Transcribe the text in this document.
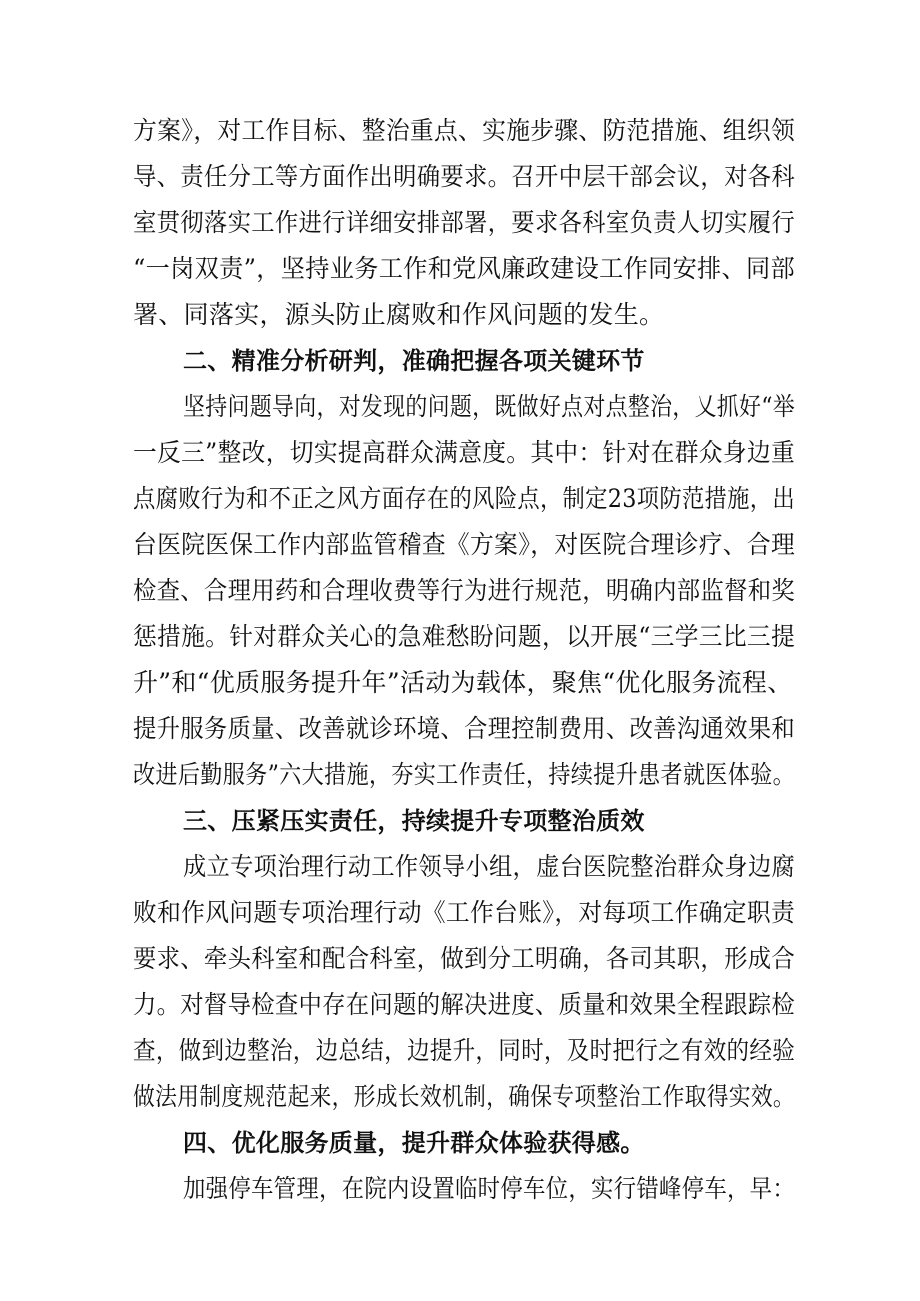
方案》，对工作目标、整治重点、实施步骤、防范措施、组织领
导、责任分工等方面作出明确要求。召开中层干部会议，对各科
室贯彻落实工作进行详细安排部署，要求各科室负责人切实履行
“一岗双责”，坚持业务工作和党风廉政建设工作同安排、同部
署、同落实，源头防止腐败和作风问题的发生。
二、精准分析研判，准确把握各项关键环节
坚持问题导向，对发现的问题，既做好点对点整治，乂抓好“举
一反三”整改，切实提高群众满意度。其中：针对在群众身边重
点腐败行为和不正之风方面存在的风险点，制定23项防范措施，出
台医院医保工作内部监管稽查《方案》，对医院合理诊疗、合理
检查、合理用药和合理收费等行为进行规范，明确内部监督和奖
惩措施。针对群众关心的急难愁盼问题，以开展“三学三比三提
升”和“优质服务提升年”活动为载体，聚焦“优化服务流程、
提升服务质量、改善就诊环境、合理控制费用、改善沟通效果和
改进后勤服务”六大措施，夯实工作责任，持续提升患者就医体验。
三、压紧压实责任，持续提升专项整治质效
成立专项治理行动工作领导小组，虚台医院整治群众身边腐
败和作风问题专项治理行动《工作台账》，对每项工作确定职责
要求、牵头科室和配合科室，做到分工明确，各司其职，形成合
力。对督导检查中存在问题的解决进度、质量和效果全程跟踪检
查，做到边整治，边总结，边提升，同时，及时把行之有效的经验
做法用制度规范起来，形成长效机制，确保专项整治工作取得实效。
四、优化服务质量，提升群众体验获得感。
加强停车管理，在院内设置临时停车位，实行错峰停车，早：
